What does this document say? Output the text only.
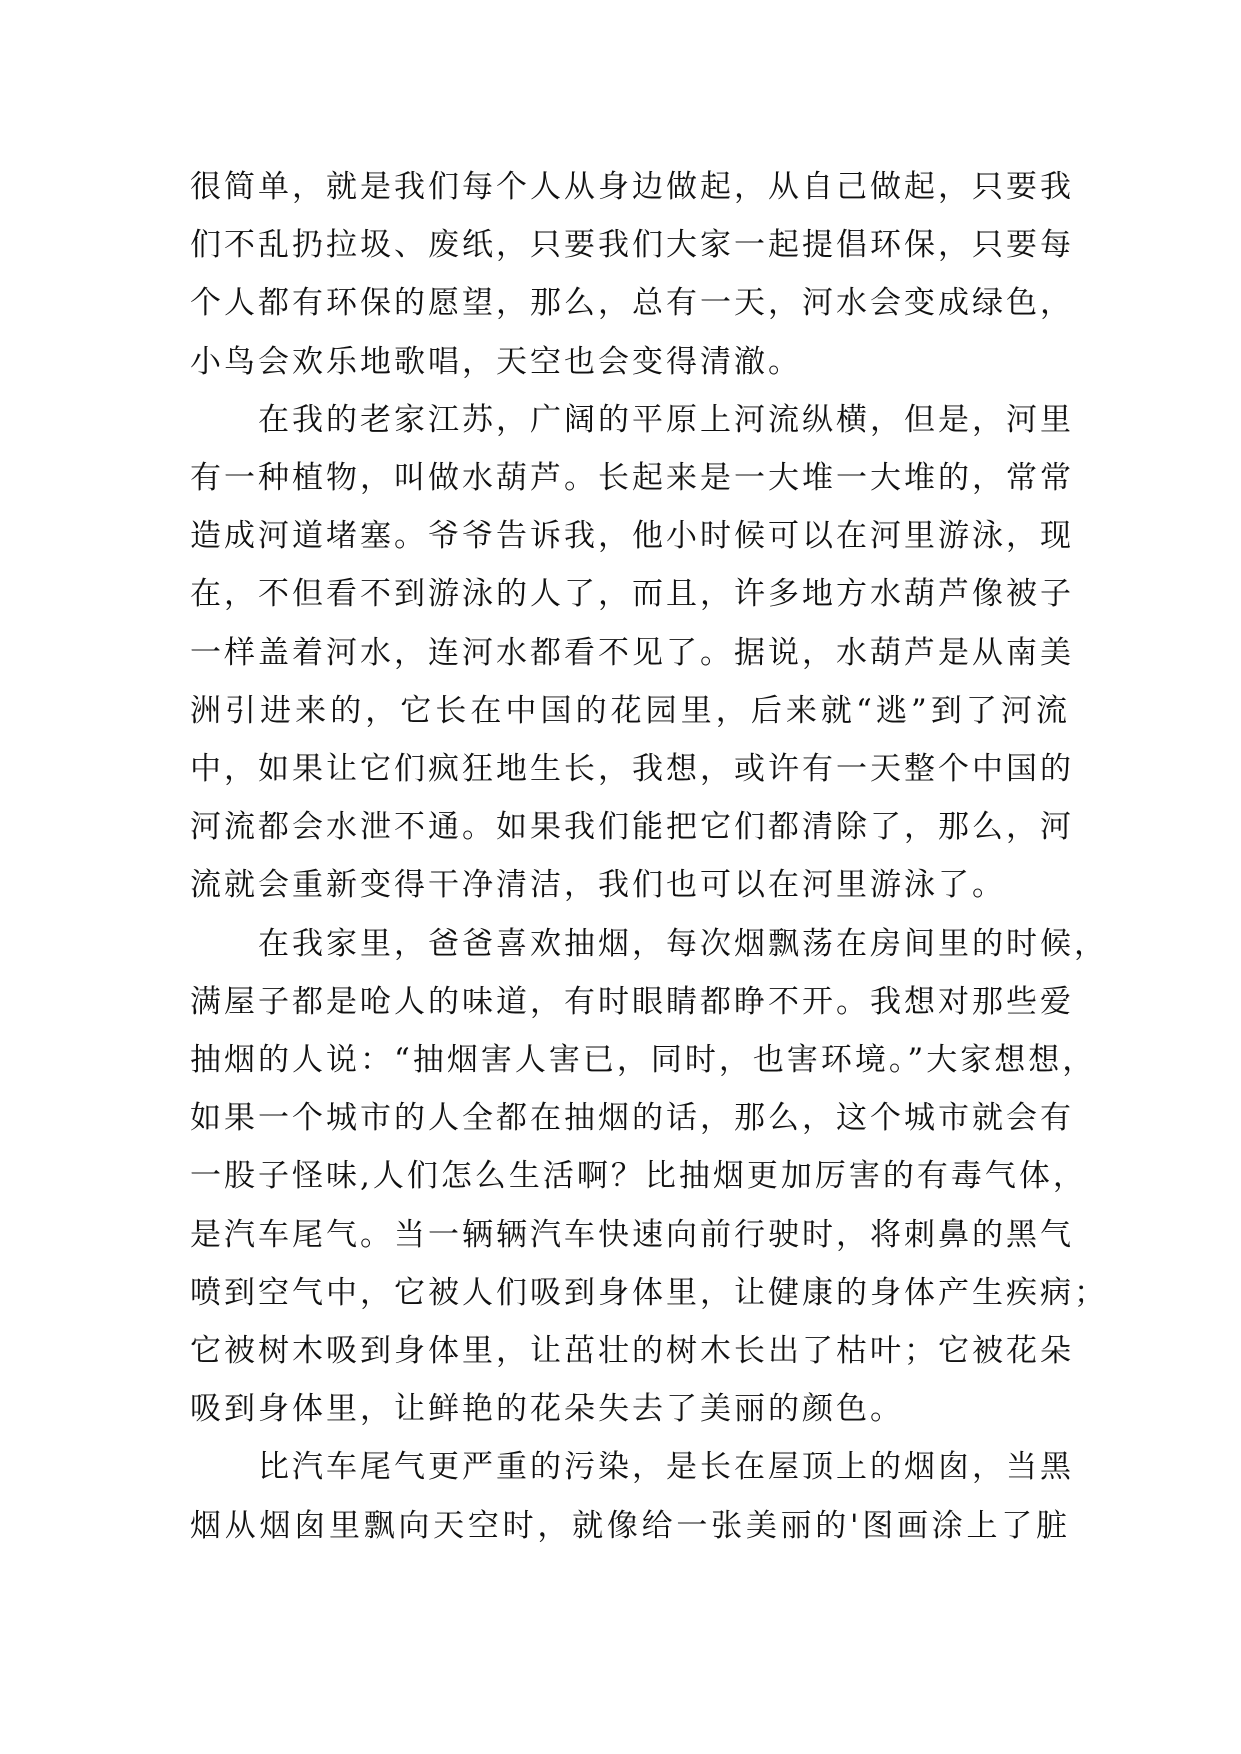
很简单，就是我们每个人从身边做起，从自己做起，只要我
们不乱扔拉圾、废纸，只要我们大家一起提倡环保，只要每
个人都有环保的愿望，那么，总有一天，河水会变成绿色，
小鸟会欢乐地歌唱，天空也会变得清澈。

在我的老家江苏，广阔的平原上河流纵横，但是，河里
有一种植物，叫做水葫芦。长起来是一大堆一大堆的，常常
造成河道堵塞。爷爷告诉我，他小时候可以在河里游泳，现
在，不但看不到游泳的人了，而且，许多地方水葫芦像被子
一样盖着河水，连河水都看不见了。据说，水葫芦是从南美
洲引进来的，它长在中国的花园里，后来就“逃”到了河流
中，如果让它们疯狂地生长，我想，或许有一天整个中国的
河流都会水泄不通。如果我们能把它们都清除了，那么，河
流就会重新变得干净清洁，我们也可以在河里游泳了。

在我家里，爸爸喜欢抽烟，每次烟飘荡在房间里的时候，
满屋子都是呛人的味道，有时眼睛都睁不开。我想对那些爱
抽烟的人说：“抽烟害人害已，同时，也害环境。”大家想想，
如果一个城市的人全都在抽烟的话，那么，这个城市就会有
一股子怪味,人们怎么生活啊？比抽烟更加厉害的有毒气体，
是汽车尾气。当一辆辆汽车快速向前行驶时，将刺鼻的黑气
喷到空气中，它被人们吸到身体里，让健康的身体产生疾病；
它被树木吸到身体里，让茁壮的树木长出了枯叶；它被花朵
吸到身体里，让鲜艳的花朵失去了美丽的颜色。

比汽车尾气更严重的污染，是长在屋顶上的烟囱，当黑
烟从烟囱里飘向天空时，就像给一张美丽的'图画涂上了脏
